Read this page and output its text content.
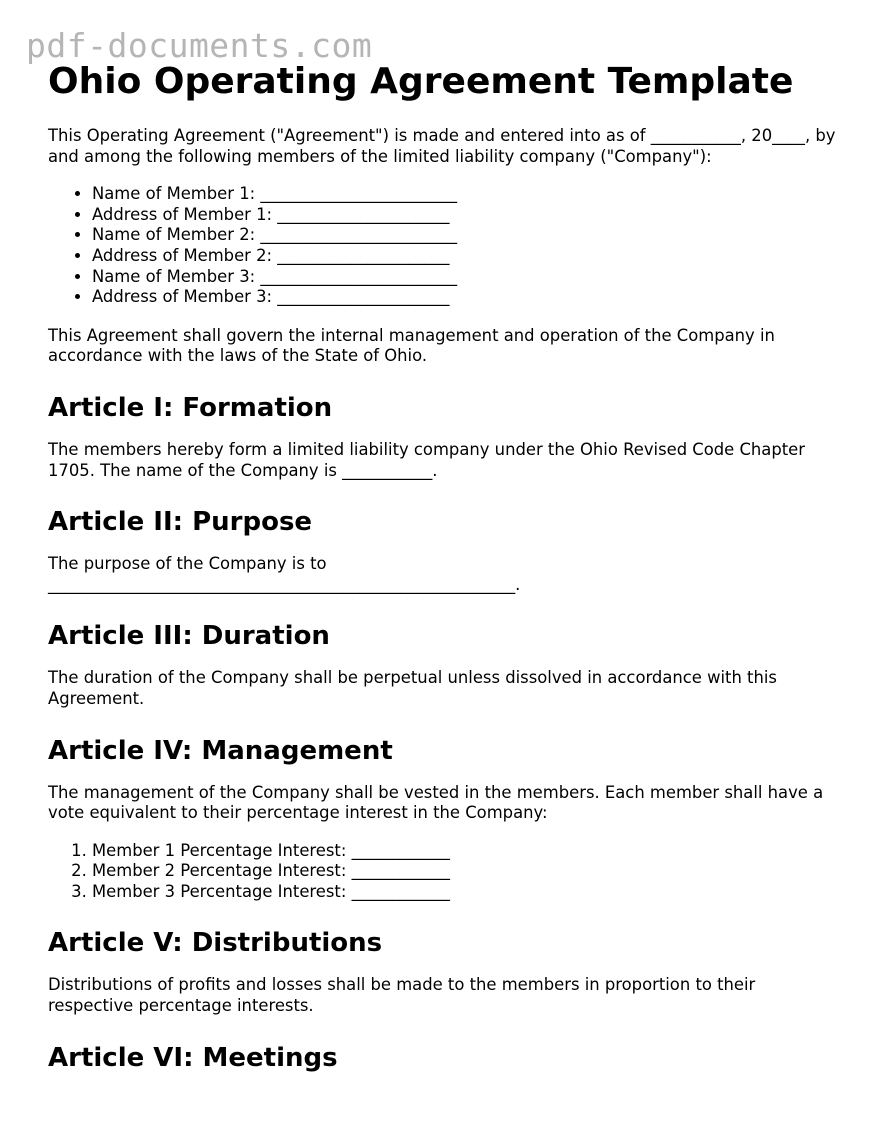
pdf-documents.com
Ohio Operating Agreement Template

This Operating Agreement ("Agreement") is made and entered into as of ___________, 20____, by and among the following members of the limited liability company ("Company"):

• Name of Member 1: ________________________
• Address of Member 1: _____________________
• Name of Member 2: ________________________
• Address of Member 2: _____________________
• Name of Member 3: ________________________
• Address of Member 3: _____________________

This Agreement shall govern the internal management and operation of the Company in accordance with the laws of the State of Ohio.

Article I: Formation

The members hereby form a limited liability company under the Ohio Revised Code Chapter 1705. The name of the Company is ___________.

Article II: Purpose

The purpose of the Company is to
_________________________________________________________.

Article III: Duration

The duration of the Company shall be perpetual unless dissolved in accordance with this Agreement.

Article IV: Management

The management of the Company shall be vested in the members. Each member shall have a vote equivalent to their percentage interest in the Company:

1. Member 1 Percentage Interest: ____________
2. Member 2 Percentage Interest: ____________
3. Member 3 Percentage Interest: ____________
Article V: Distributions

Distributions of profits and losses shall be made to the members in proportion to their respective percentage interests.

Article VI: Meetings
